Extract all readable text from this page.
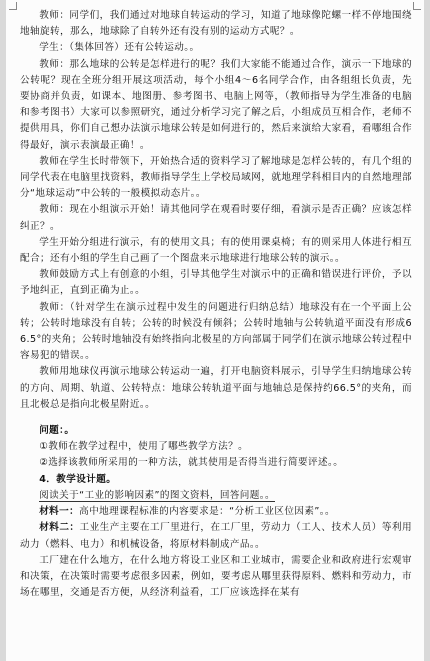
教师：同学们，我们通过对地球自转运动的学习，知道了地球像陀螺一样不停地围绕地轴旋转，那么，地球除了自转外还有没有别的运动方式呢？。

学生：（集体回答）还有公转运动。。

教师：那么地球的公转是怎样进行的呢？我们大家能不能通过合作，演示一下地球的公转呢？现在全班分组开展这项活动，每个小组4～6名同学合作，由各组组长负责，先要协商并负责，如课本、地图册、参考图书、电脑上网等，（教师指导为学生准备的电脑和参考图书）大家可以参照研究，通过分析学习完了解之后，小组成员互相合作，老师不提供用具，你们自己想办法演示地球公转是如何进行的，然后来演给大家看，看哪组合作得最好，演示表演最正确！。

教师在学生长时带领下，开始热合适的资料学习了解地球是怎样公转的，有几个组的同学代表在电脑里找资料，教师指导学生上学校局域网，就地理学科相目内的自然地理部分“地球运动”中公转的一般模拟动态片。。

教师：现在小组演示开始！请其他同学在观看时要仔细，看演示是否正确？应该怎样纠正？。

学生开始分组进行演示，有的使用文具；有的使用课桌椅；有的则采用人体进行相互配合；还有小组的学生自己画了一个图盘来示地球进行地球公转的演示。。

教师鼓励方式上有创意的小组，引导其他学生对演示中的正确和错误进行评价，予以予地纠正，直到正确为止。。

教师：（针对学生在演示过程中发生的问题进行归纳总结）地球没有在一个平面上公转；公转时地球没有自转；公转的时候没有倾斜；公转时地轴与公转轨道平面没有形成66.5°的夹角；公转时地轴没有始终指向北极星的方向部属于同学们在演示地球公转过程中容易犯的错误。。

教师用地球仪再演示地球公转运动一遍，打开电脑资料展示，引导学生归纳地球公转的方向、周期、轨道、公转特点：地球公转轨道平面与地轴总是保持约66.5°的夹角，而且北极总是指向北极星附近。。

问题：。

①教师在教学过程中，使用了哪些教学方法？。

②选择该教师所采用的一种方法，就其使用是否得当进行简要评述。。

4．教学设计题。

阅读关于“工业的影响因素”的图文资料，回答问题。。

材料一：高中地理课程标准的内容要求是：“分析工业区位因素”。。

材料二：工业生产主要在工厂里进行，在工厂里，劳动力（工人、技术人员）等利用动力（燃料、电力）和机械设备，将原材料制成产品。。

工厂建在什么地方，在什么地方将设工业区和工业城市，需要企业和政府进行宏观审和决策，在决策时需要考虑很多因素，例如，要考虑从哪里获得原料、燃料和劳动力，市场在哪里，交通是否方便，从经济利益看，工厂应该选择在某有
